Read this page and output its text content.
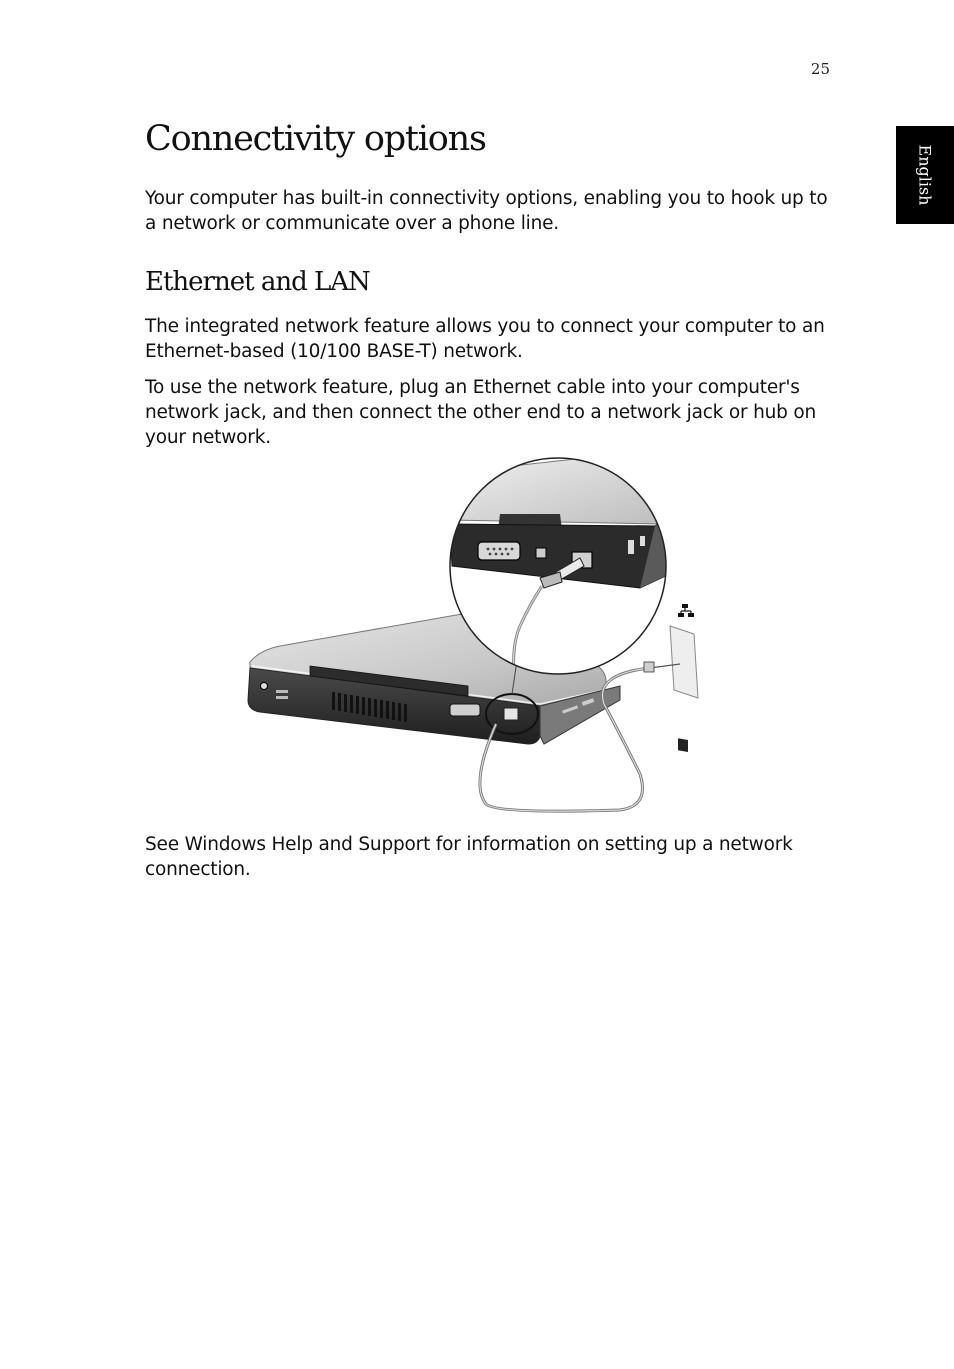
25
English
Connectivity options

Your computer has built-in connectivity options, enabling you to hook up to a network or communicate over a phone line.

Ethernet and LAN

The integrated network feature allows you to connect your computer to an Ethernet-based (10/100 BASE-T) network.

To use the network feature, plug an Ethernet cable into your computer's network jack, and then connect the other end to a network jack or hub on your network.

See Windows Help and Support for information on setting up a network connection.
